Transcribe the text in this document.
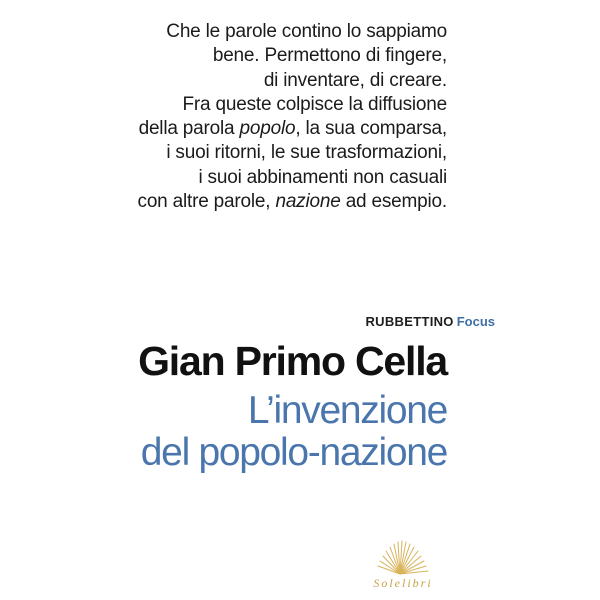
Che le parole contino lo sappiamo
bene. Permettono di fingere,
di inventare, di creare.
Fra queste colpisce la diffusione
della parola popolo, la sua comparsa,
i suoi ritorni, le sue trasformazioni,
i suoi abbinamenti non casuali
con altre parole, nazione ad esempio.
RUBBETTINO Focus
Gian Primo Cella
L’invenzione
del popolo-nazione
Solelibri
